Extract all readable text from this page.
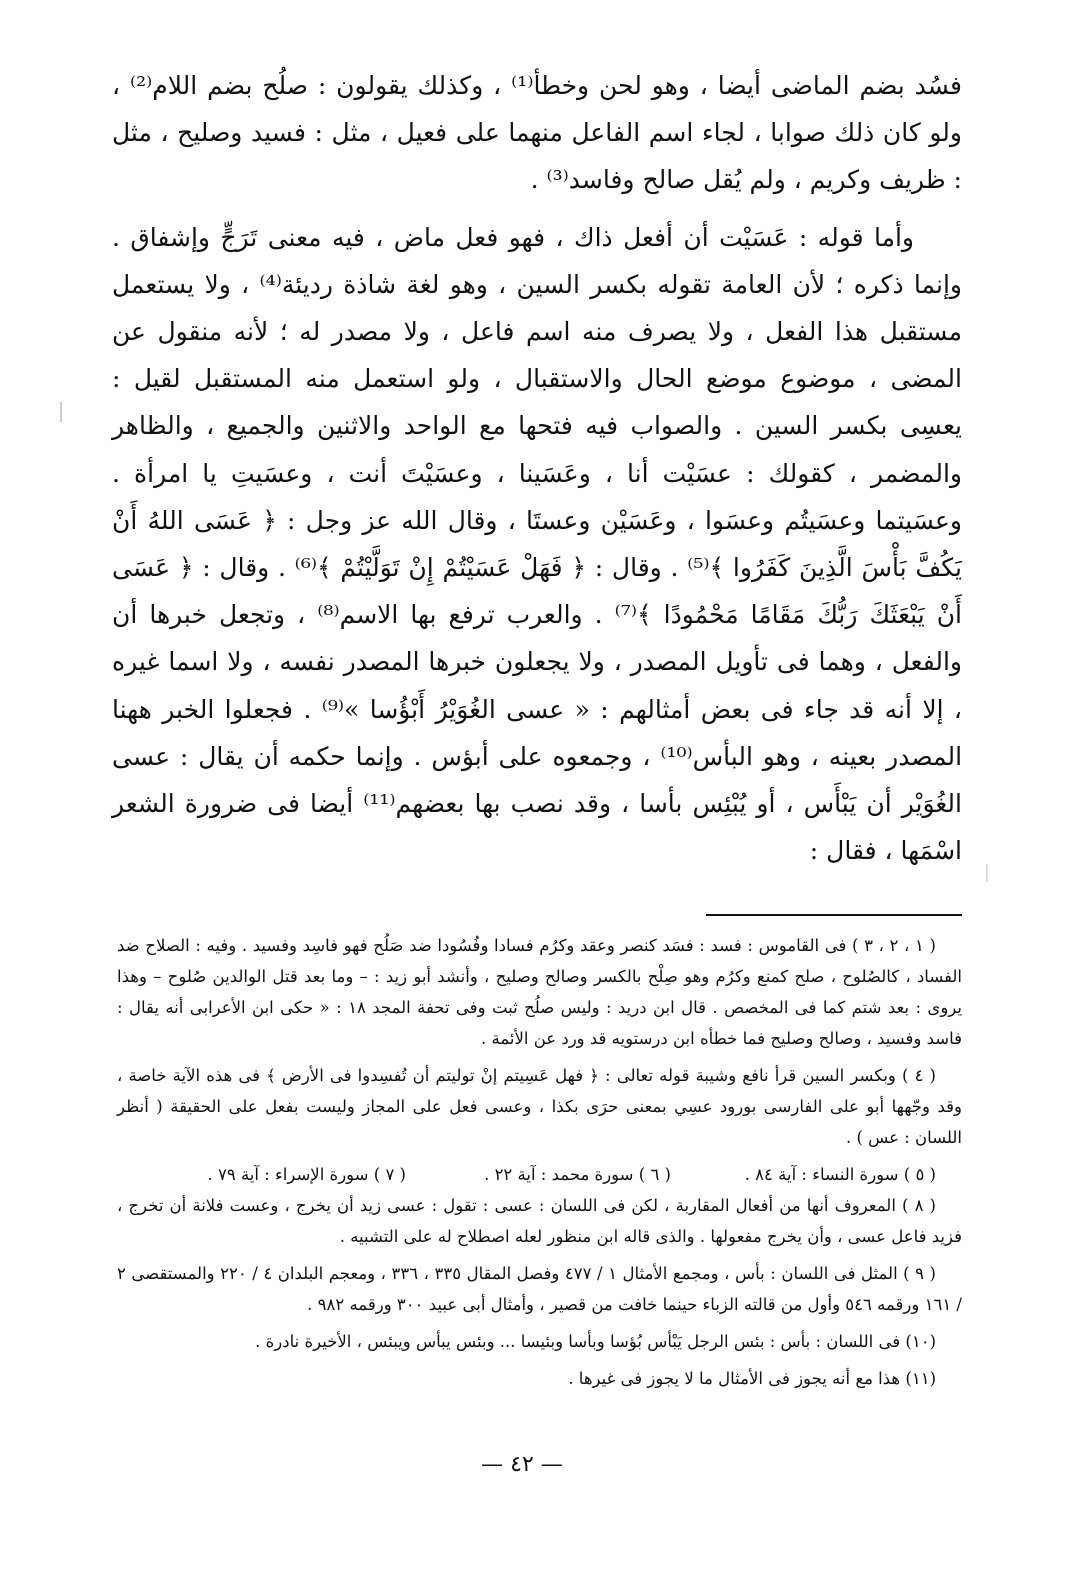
فسُد بضم الماضى أيضا ، وهو لحن وخطأ⁽¹⁾ ، وكذلك يقولون : صلُح بضم اللام⁽²⁾ ، ولو كان ذلك صوابا ، لجاء اسم الفاعل منهما على فعيل ، مثل : فسيد وصليح ، مثل : ظريف وكريم ، ولم يُقل صالح وفاسد⁽³⁾ .

وأما قوله : عَسَيْت أن أفعل ذاك ، فهو فعل ماض ، فيه معنى تَرَجٍّ وإشفاق . وإنما ذكره ؛ لأن العامة تقوله بكسر السين ، وهو لغة شاذة رديئة⁽⁴⁾ ، ولا يستعمل مستقبل هذا الفعل ، ولا يصرف منه اسم فاعل ، ولا مصدر له ؛ لأنه منقول عن المضى ، موضوع موضع الحال والاستقبال ، ولو استعمل منه المستقبل لقيل : يعسِى بكسر السين . والصواب فيه فتحها مع الواحد والاثنين والجميع ، والظاهر والمضمر ، كقولك : عسَيْت أنا ، وعَسَينا ، وعسَيْتَ أنت ، وعسَيتِ يا امرأة . وعسَيتما وعسَيتُم وعسَوا ، وعَسَيْن وعستَا ، وقال الله عز وجل : ﴿ عَسَى اللهُ أَنْ يَكُفَّ بَأْسَ الَّذِينَ كَفَرُوا ﴾⁽⁵⁾ . وقال : ﴿ فَهَلْ عَسَيْتُمْ إِنْ تَوَلَّيْتُمْ ﴾⁽⁶⁾ . وقال : ﴿ عَسَى أَنْ يَبْعَثَكَ رَبُّكَ مَقَامًا مَحْمُودًا ﴾⁽⁷⁾ . والعرب ترفع بها الاسم⁽⁸⁾ ، وتجعل خبرها أن والفعل ، وهما فى تأويل المصدر ، ولا يجعلون خبرها المصدر نفسه ، ولا اسما غيره ، إلا أنه قد جاء فى بعض أمثالهم : « عسى الغُوَيْرُ أَبْؤُسا »⁽⁹⁾ . فجعلوا الخبر ههنا المصدر بعينه ، وهو البأس⁽¹⁰⁾ ، وجمعوه على أبؤس . وإنما حكمه أن يقال : عسى الغُوَيْر أن يَبْأَس ، أو يُبْئِس بأسا ، وقد نصب بها بعضهم⁽¹¹⁾ أيضا فى ضرورة الشعر اسْمَها ، فقال :

( ١ ، ٢ ، ٣ ) فى القاموس : فسد : فسَد كنصر وعقد وكرُم فسادا وفُسُودا ضد صَلُح فهو فاسِد وفسيد . وفيه : الصلاح ضد الفساد ، كالصُلوح ، صلح كمنع وكرُم وهو صِلْح بالكسر وصالح وصليح ، وأنشد أبو زيد : – وما بعد قتل الوالدين صُلوح – وهذا يروى : بعد شتم كما فى المخصص . قال ابن دريد : وليس صلُح ثبت وفى تحفة المجد ١٨ : « حكى ابن الأعرابى أنه يقال : فاسد وفسيد ، وصالح وصليح فما خطأه ابن درستويه قد ورد عن الأئمة .

( ٤ ) وبكسر السين قرأ نافع وشيبة قوله تعالى : ﴿ فهل عَسِيتم إنْ توليتم أن تُفسِدوا فى الأرض ﴾ فى هذه الآية خاصة ، وقد وجّهها أبو على الفارسى بورود عسِي بمعنى حرَى بكذا ، وعسى فعل على المجاز وليست بفعل على الحقيقة ( أنظر اللسان : عس ) .

( ٥ ) سورة النساء : آية ٨٤ .
( ٦ ) سورة محمد : آية ٢٢ .
( ٧ ) سورة الإسراء : آية ٧٩ .

( ٨ ) المعروف أنها من أفعال المقاربة ، لكن فى اللسان : عسى : تقول : عسى زيد أن يخرج ، وعست فلانة أن تخرج ، فزيد فاعل عسى ، وأن يخرج مفعولها . والذى قاله ابن منظور لعله اصطلاح له على التشبيه .

( ٩ ) المثل فى اللسان : بأس ، ومجمع الأمثال ١ / ٤٧٧ وفصل المقال ٣٣٥ ، ٣٣٦ ، ومعجم البلدان ٤ / ٢٢٠ والمستقصى ٢ / ١٦١ ورقمه ٥٤٦ وأول من قالته الزباء حينما خافت من قصير ، وأمثال أبى عبيد ٣٠٠ ورقمه ٩٨٢ .

(١٠) فى اللسان : بأس : بئس الرجل يَبْأس بُؤسا وبأسا وبئيسا ... وبئس يبأس ويبئس ، الأخيرة نادرة .

(١١) هذا مع أنه يجوز فى الأمثال ما لا يجوز فى غيرها .

— ٤٢ —
